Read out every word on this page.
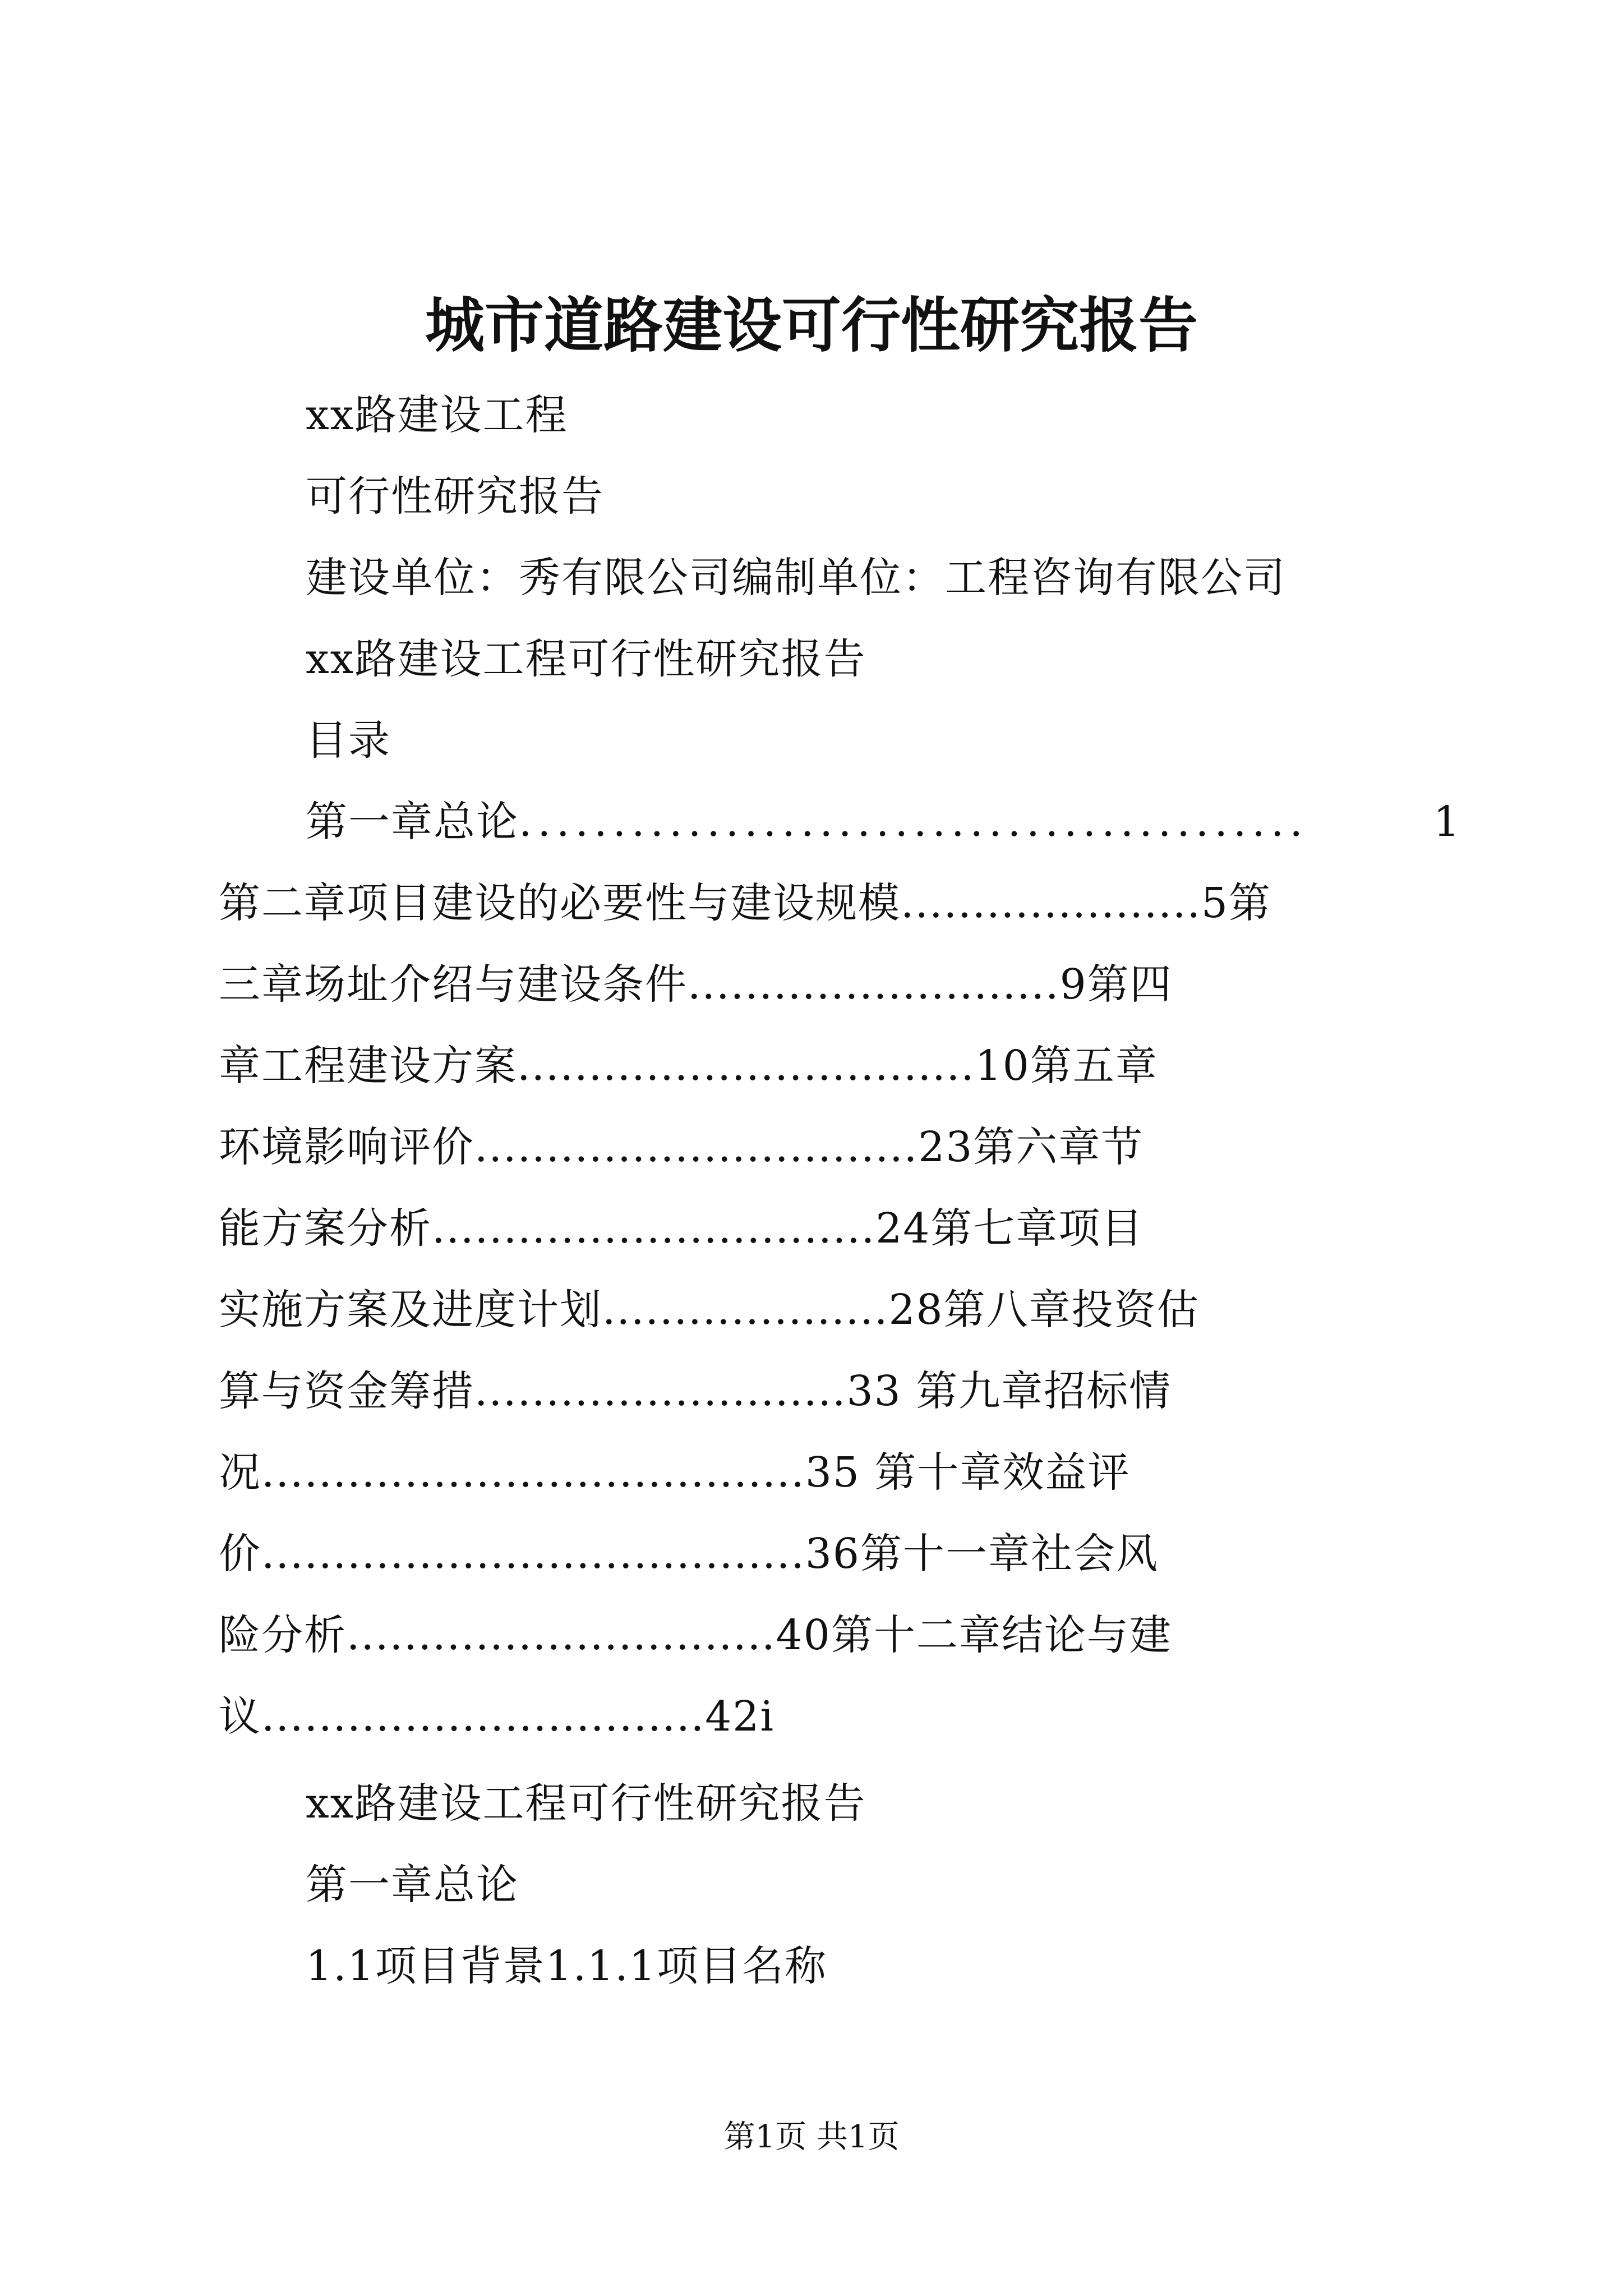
城市道路建设可行性研究报告
xx路建设工程
可行性研究报告
建设单位：秀有限公司编制单位：工程咨询有限公司
xx路建设工程可行性研究报告
目录
第一章总论 ..........................................	1
第二章项目建设的必要性与建设规模.....................5第
三章场址介绍与建设条件..........................9第四
章工程建设方案................................10第五章
环境影响评价...............................23第六章节
能方案分析...............................24第七章项目
实施方案及进度计划....................28第八章投资估
算与资金筹措..........................33 第九章招标情
况......................................35 第十章效益评
价......................................36第十一章社会风
险分析..............................40第十二章结论与建
议...............................42i
xx路建设工程可行性研究报告
第一章总论
1.1项目背景1.1.1项目名称
第1页 共1页
